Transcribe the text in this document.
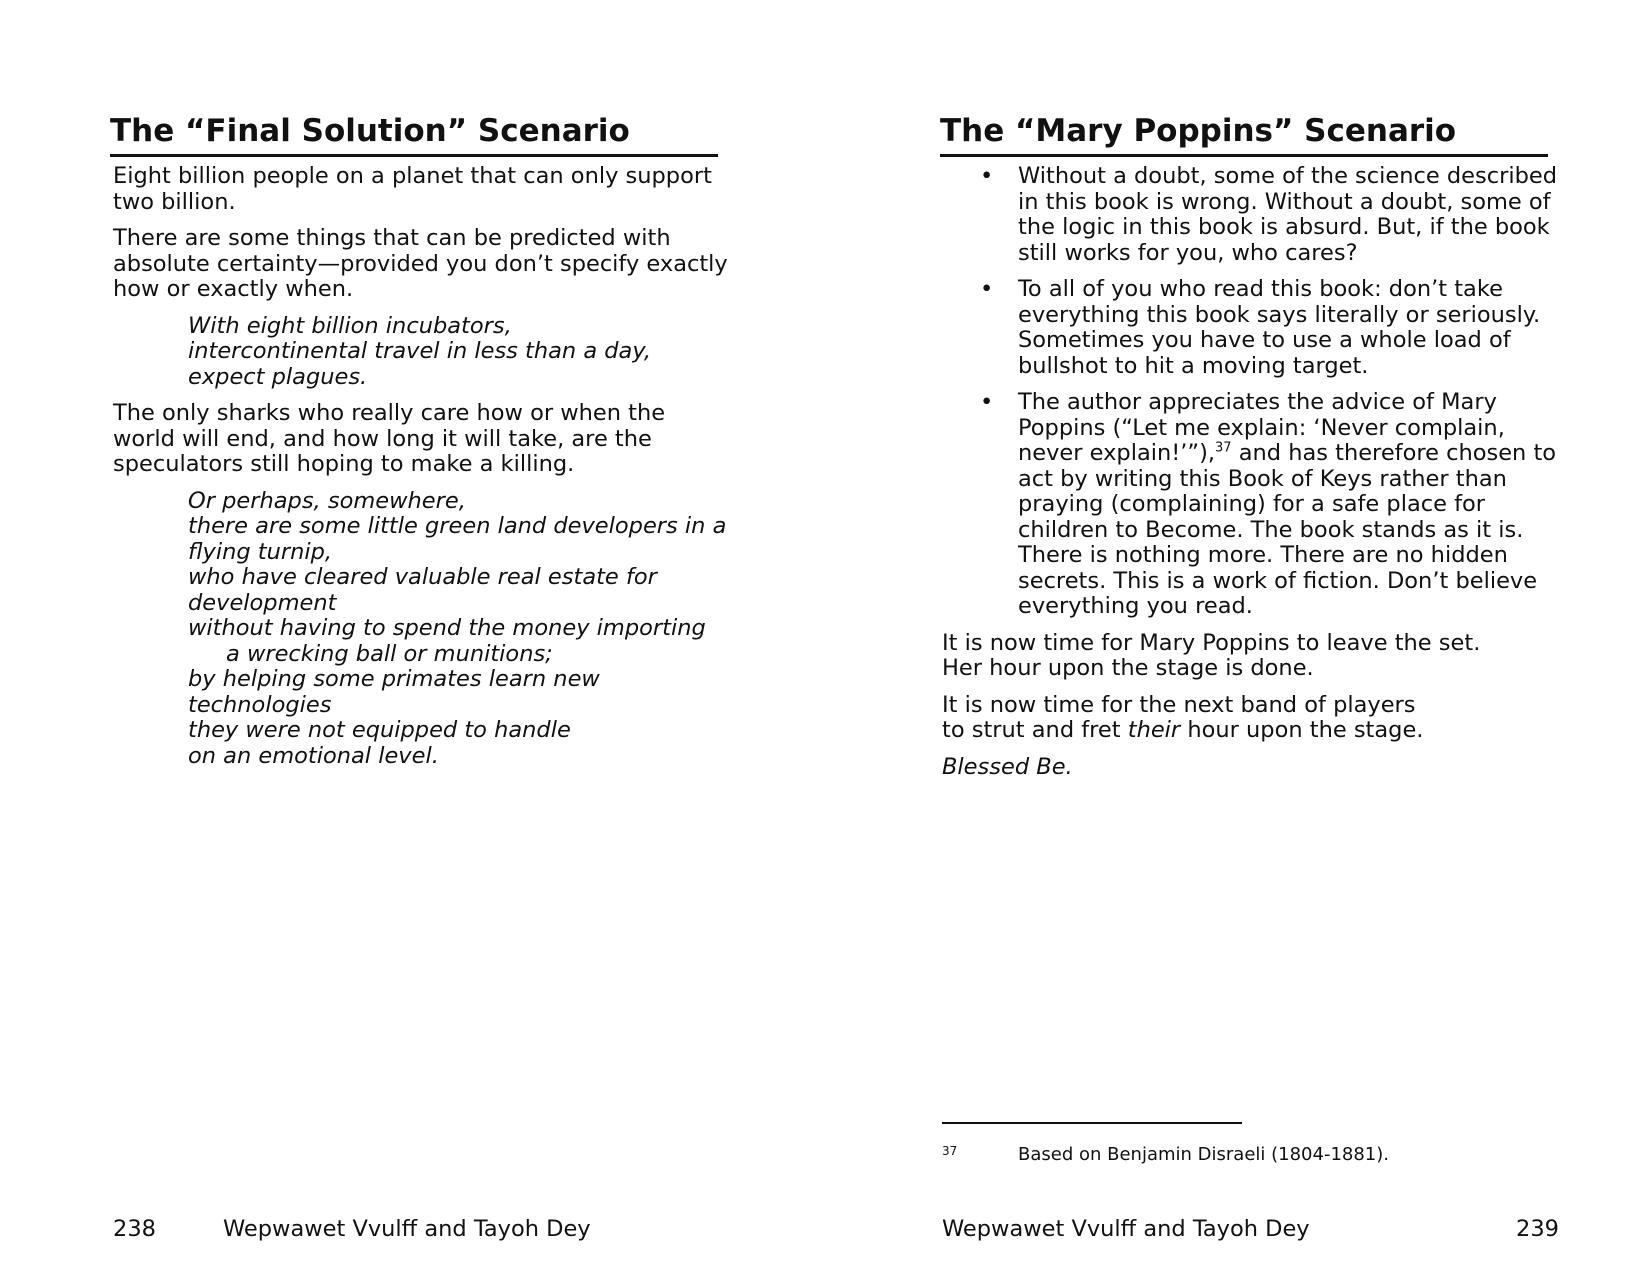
The “Final Solution” Scenario

Eight billion people on a planet that can only support two billion.

There are some things that can be predicted with absolute certainty—provided you don’t specify exactly how or exactly when.

With eight billion incubators,
intercontinental travel in less than a day,
expect plagues.

The only sharks who really care how or when the world will end, and how long it will take, are the speculators still hoping to make a killing.

Or perhaps, somewhere,
there are some little green land developers in a flying turnip,
who have cleared valuable real estate for development
without having to spend the money importing
a wrecking ball or munitions;
by helping some primates learn new technologies
they were not equipped to handle
on an emotional level.
238	Wepwawet Vvulff and Tayoh Dey
The “Mary Poppins” Scenario
• Without a doubt, some of the science described in this book is wrong. Without a doubt, some of the logic in this book is absurd. But, if the book still works for you, who cares?
• To all of you who read this book: don’t take everything this book says literally or seriously. Sometimes you have to use a whole load of bullshot to hit a moving target.
• The author appreciates the advice of Mary Poppins (“Let me explain: ‘Never complain, never explain!’”),$^{37}$ and has therefore chosen to act by writing this Book of Keys rather than praying (complaining) for a safe place for children to Become. The book stands as it is. There is nothing more. There are no hidden secrets. This is a work of fiction. Don’t believe everything you read.

It is now time for Mary Poppins to leave the set.
Her hour upon the stage is done.

It is now time for the next band of players
to strut and fret their hour upon the stage.

Blessed Be.

37	Based on Benjamin Disraeli (1804-1881).
Wepwawet Vvulff and Tayoh Dey	239
